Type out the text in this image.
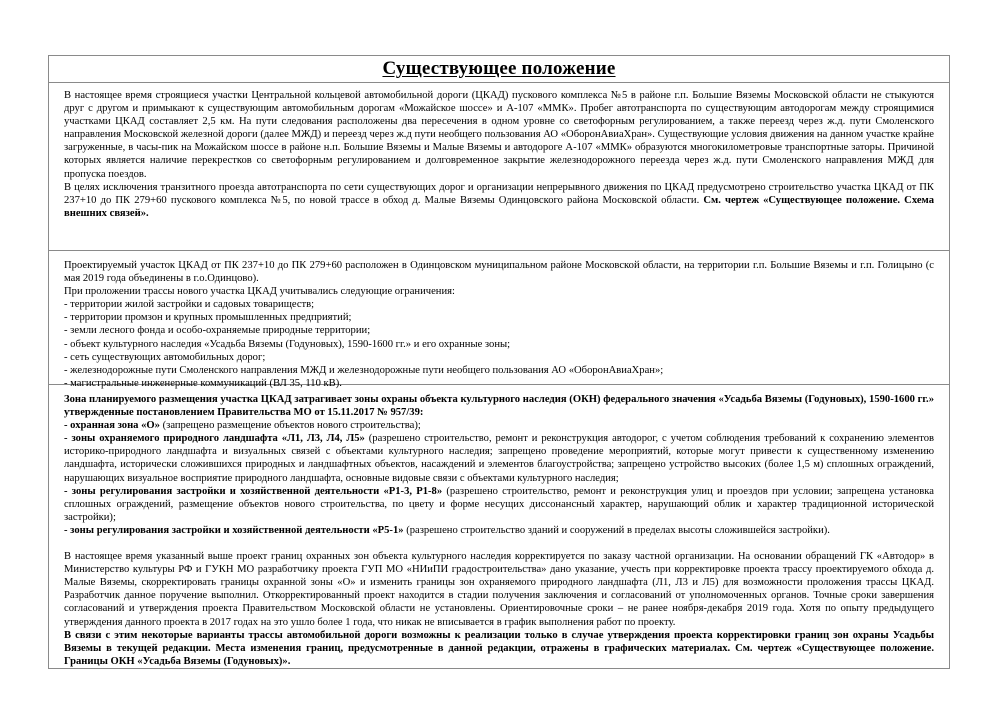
Существующее положение

В настоящее время строящиеся участки Центральной кольцевой автомобильной дороги (ЦКАД) пускового комплекса №5 в районе г.п. Большие Вяземы Московской области не стыкуются друг с другом и примыкают к существующим автомобильным дорогам «Можайское шоссе» и А-107 «ММК». Пробег автотранспорта по существующим автодорогам между строящимися участками ЦКАД составляет 2,5 км. На пути следования расположены два пересечения в одном уровне со светофорным регулированием, а также переезд через ж.д. пути Смоленского направления Московской железной дороги (далее МЖД) и переезд через ж.д пути необщего пользования АО «ОборонАвиаХран». Существующие условия движения на данном участке крайне загруженные, в часы-пик на Можайском шоссе в районе н.п. Большие Вяземы и Малые Вяземы и автодороге А-107 «ММК» образуются многокилометровые транспортные заторы. Причиной которых является наличие перекрестков со светофорным регулированием и долговременное закрытие железнодорожного переезда через ж.д. пути Смоленского направления МЖД для пропуска поездов.

В целях исключения транзитного проезда автотранспорта по сети существующих дорог и организации непрерывного движения по ЦКАД предусмотрено строительство участка ЦКАД от ПК 237+10 до ПК 279+60 пускового комплекса №5, по новой трассе в обход д. Малые Вяземы Одинцовского района Московской области. См. чертеж «Существующее положение. Схема внешних связей».

Проектируемый участок ЦКАД от ПК 237+10 до ПК 279+60 расположен в Одинцовском муниципальном районе Московской области, на территории г.п. Большие Вяземы и г.п. Голицыно (с мая 2019 года объединены в г.о.Одинцово).

При проложении трассы нового участка ЦКАД учитывались следующие ограничения:

- территории жилой застройки и садовых товариществ;

- территории промзон и крупных промышленных предприятий;

- земли лесного фонда и особо-охраняемые природные территории;

- объект культурного наследия «Усадьба Вяземы (Годуновых), 1590-1600 гг.» и его охранные зоны;

- сеть существующих автомобильных дорог;

- железнодорожные пути Смоленского направления МЖД и железнодорожные пути необщего пользования АО «ОборонАвиаХран»;

- магистральные инженерные коммуникаций (ВЛ 35, 110 кВ).

Зона планируемого размещения участка ЦКАД затрагивает зоны охраны объекта культурного наследия (ОКН) федерального значения «Усадьба Вяземы (Годуновых), 1590-1600 гг.» утвержденные постановлением Правительства МО от 15.11.2017 № 957/39:

- охранная зона «О» (запрещено размещение объектов нового строительства);

- зоны охраняемого природного ландшафта «Л1, Л3, Л4, Л5» (разрешено строительство, ремонт и реконструкция автодорог, с учетом соблюдения требований к сохранению элементов историко-природного ландшафта и визуальных связей с объектами культурного наследия; запрещено проведение мероприятий, которые могут привести к существенному изменению ландшафта, исторически сложившихся природных и ландшафтных объектов, насаждений и элементов благоустройства; запрещено устройство высоких (более 1,5 м) сплошных ограждений, нарушающих визуальное восприятие природного ландшафта, основные видовые связи с объектами культурного наследия;

- зоны регулирования застройки и хозяйственной деятельности «Р1-3, Р1-8» (разрешено строительство, ремонт и реконструкция улиц и проездов при условии; запрещена установка сплошных ограждений, размещение объектов нового строительства, по цвету и форме несущих диссонансный характер, нарушающий облик и характер традиционной исторической застройки);

- зоны регулирования застройки и хозяйственной деятельности «Р5-1» (разрешено строительство зданий и сооружений в пределах высоты сложившейся застройки).

В настоящее время указанный выше проект границ охранных зон объекта культурного наследия корректируется по заказу частной организации. На основании обращений ГК «Автодор» в Министерство культуры РФ и ГУКН МО разработчику проекта ГУП МО «НИиПИ градостроительства» дано указание, учесть при корректировке проекта трассу проектируемого обхода д. Малые Вяземы, скорректировать границы охранной зоны «О» и изменить границы зон охраняемого природного ландшафта (Л1, Л3 и Л5) для возможности проложения трассы ЦКАД. Разработчик данное поручение выполнил. Откорректированный проект находится в стадии получения заключения и согласований от уполномоченных органов. Точные сроки завершения согласований и утверждения проекта Правительством Московской области не установлены. Ориентировочные сроки – не ранее ноября-декабря 2019 года. Хотя по опыту предыдущего утверждения данного проекта в 2017 годах на это ушло более 1 года, что никак не вписывается в график выполнения работ по проекту.

В связи с этим некоторые варианты трассы автомобильной дороги возможны к реализации только в случае утверждения проекта корректировки границ зон охраны Усадьбы Вяземы в текущей редакции. Места изменения границ, предусмотренные в данной редакции, отражены в графических материалах. См. чертеж «Существующее положение. Границы ОКН «Усадьба Вяземы (Годуновых)».
